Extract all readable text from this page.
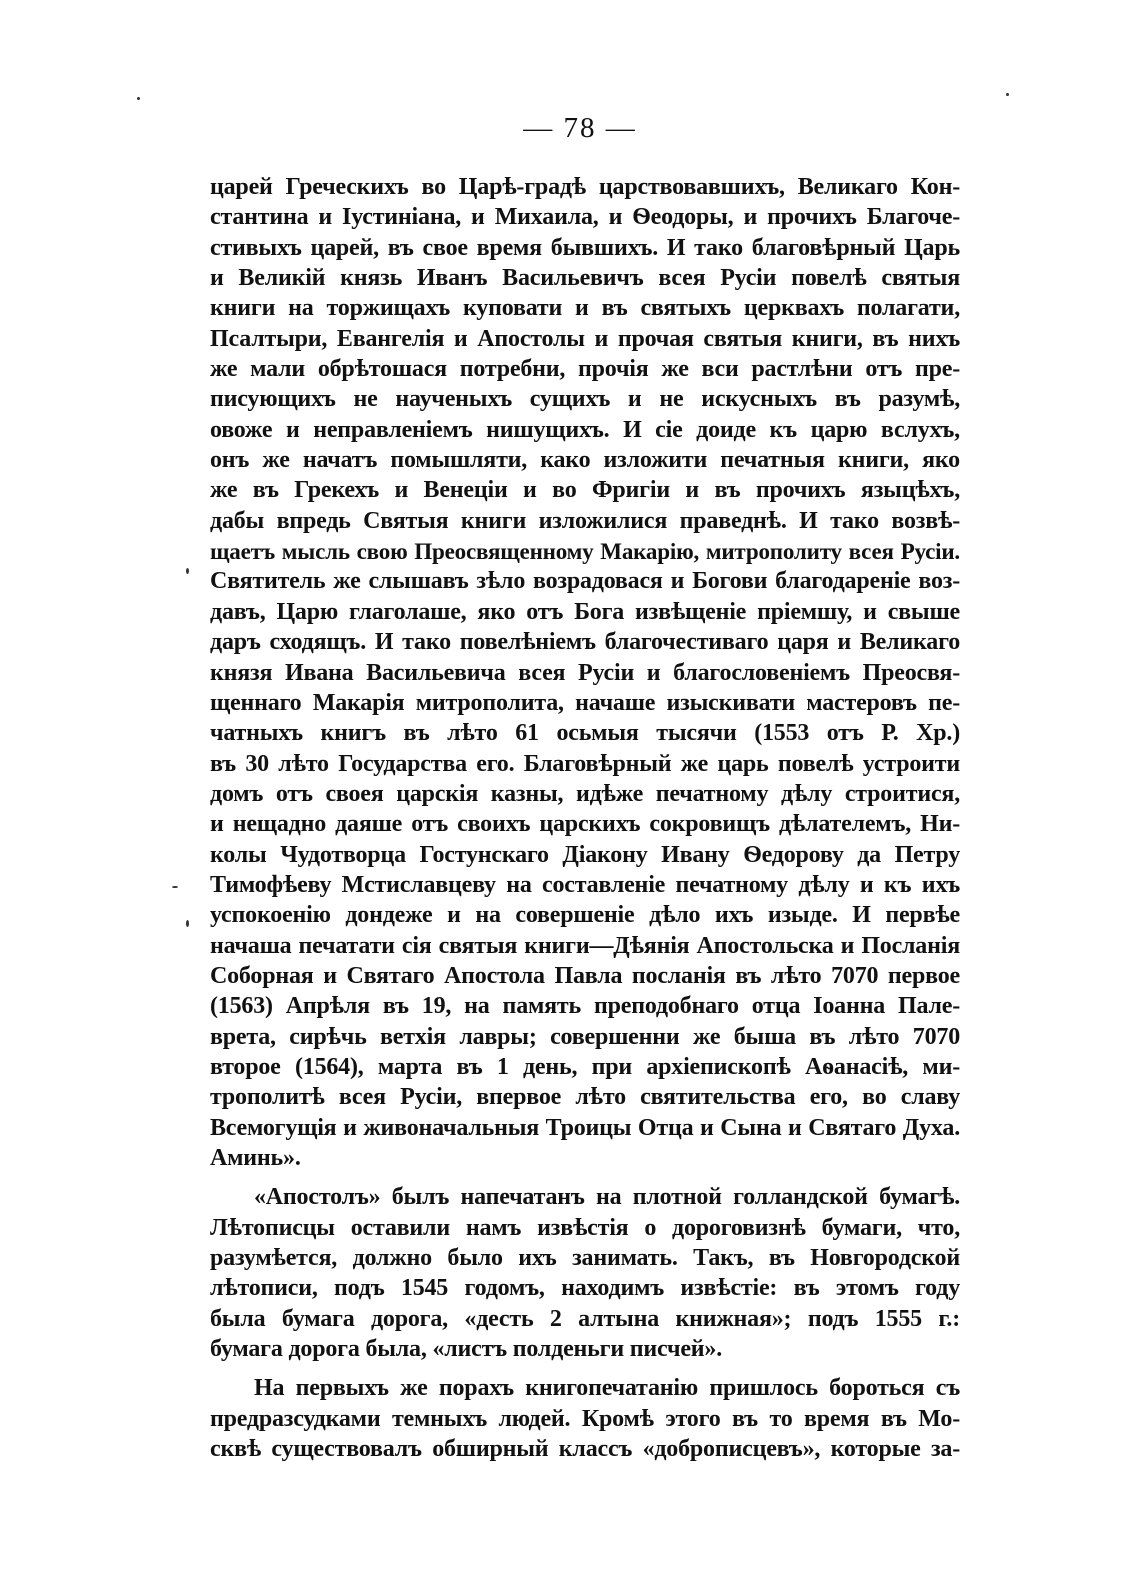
— 78 —
царей Греческихъ во Царѣ-градѣ царствовавшихъ, Великаго Кон-
стантина и Іустиніана, и Михаила, и Ѳеодоры, и прочихъ Благоче-
стивыхъ царей, въ свое время бывшихъ. И тако благовѣрный Царь
и Великій князь Иванъ Васильевичъ всея Русіи повелѣ святыя
книги на торжищахъ куповати и въ святыхъ церквахъ полагати,
Псалтыри, Евангелія и Апостолы и прочая святыя книги, въ нихъ
же мали обрѣтошася потребни, прочія же вси растлѣни отъ пре-
писующихъ не наученыхъ сущихъ и не искусныхъ въ разумѣ,
овоже и неправленіемъ нишущихъ. И сіе доиде къ царю вслухъ,
онъ же начатъ помышляти, како изложити печатныя книги, яко
же въ Грекехъ и Венеціи и во Фригіи и въ прочихъ языцѣхъ,
дабы впредь Святыя книги изложилися праведнѣ. И тако возвѣ-
щаетъ мысль свою Преосвященному Макарію, митрополиту всея Русіи.
Святитель же слышавъ зѣло возрадовася и Богови благодареніе воз-
давъ, Царю глаголаше, яко отъ Бога извѣщеніе пріемшу, и свыше
даръ сходящъ. И тако повелѣніемъ благочестиваго царя и Великаго
князя Ивана Васильевича всея Русіи и благословеніемъ Преосвя-
щеннаго Макарія митрополита, начаше изыскивати мастеровъ пе-
чатныхъ книгъ въ лѣто 61 осьмыя тысячи (1553 отъ Р. Хр.)
въ 30 лѣто Государства его. Благовѣрный же царь повелѣ устроити
домъ отъ своея царскія казны, идѣже печатному дѣлу строитися,
и нещадно даяше отъ своихъ царскихъ сокровищъ дѣлателемъ, Ни-
колы Чудотворца Гостунскаго Діакону Ивану Ѳедорову да Петру
Тимофѣеву Мстиславцеву на составленіе печатному дѣлу и къ ихъ
успокоенію дондеже и на совершеніе дѣло ихъ изыде. И первѣе
начаша печатати сія святыя книги—Дѣянія Апостольска и Посланія
Соборная и Святаго Апостола Павла посланія въ лѣто 7070 первое
(1563) Апрѣля въ 19, на память преподобнаго отца Іоанна Пале-
врета, сирѣчь ветхія лавры; совершенни же быша въ лѣто 7070
второе (1564), марта въ 1 день, при архіепископѣ Аѳанасіѣ, ми-
трополитѣ всея Русіи, впервое лѣто святительства его, во славу
Всемогущія и живоначальныя Троицы Отца и Сына и Святаго Духа.
Аминь».
«Апостолъ» былъ напечатанъ на плотной голландской бумагѣ.
Лѣтописцы оставили намъ извѣстія о дороговизнѣ бумаги, что,
разумѣется, должно было ихъ занимать. Такъ, въ Новгородской
лѣтописи, подъ 1545 годомъ, находимъ извѣстіе: въ этомъ году
была бумага дорога, «десть 2 алтына книжная»; подъ 1555 г.:
бумага дорога была, «листъ полденьги писчей».
На первыхъ же порахъ книгопечатанію пришлось бороться съ
предразсудками темныхъ людей. Кромѣ этого въ то время въ Мо-
сквѣ существовалъ обширный классъ «доброписцевъ», которые за-
